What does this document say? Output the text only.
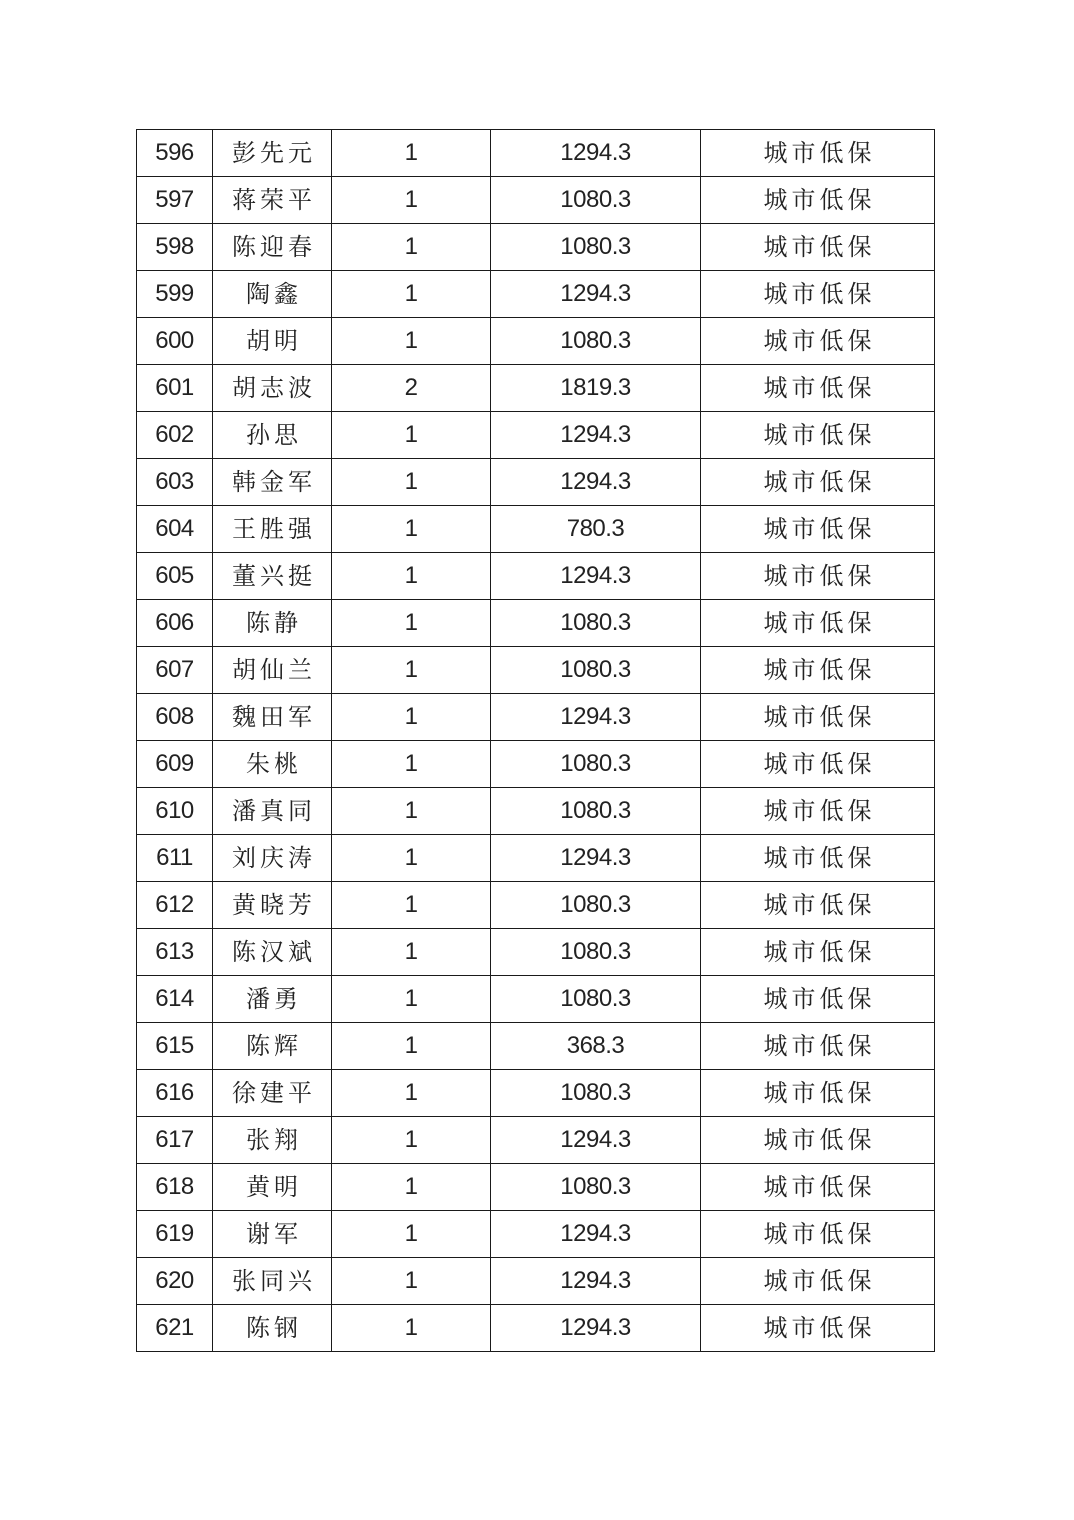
596	彭先元	1	1294.3	城市低保
597	蒋荣平	1	1080.3	城市低保
598	陈迎春	1	1080.3	城市低保
599	陶鑫	1	1294.3	城市低保
600	胡明	1	1080.3	城市低保
601	胡志波	2	1819.3	城市低保
602	孙思	1	1294.3	城市低保
603	韩金军	1	1294.3	城市低保
604	王胜强	1	780.3	城市低保
605	董兴挺	1	1294.3	城市低保
606	陈静	1	1080.3	城市低保
607	胡仙兰	1	1080.3	城市低保
608	魏田军	1	1294.3	城市低保
609	朱桃	1	1080.3	城市低保
610	潘真同	1	1080.3	城市低保
611	刘庆涛	1	1294.3	城市低保
612	黄晓芳	1	1080.3	城市低保
613	陈汉斌	1	1080.3	城市低保
614	潘勇	1	1080.3	城市低保
615	陈辉	1	368.3	城市低保
616	徐建平	1	1080.3	城市低保
617	张翔	1	1294.3	城市低保
618	黄明	1	1080.3	城市低保
619	谢军	1	1294.3	城市低保
620	张同兴	1	1294.3	城市低保
621	陈钢	1	1294.3	城市低保
